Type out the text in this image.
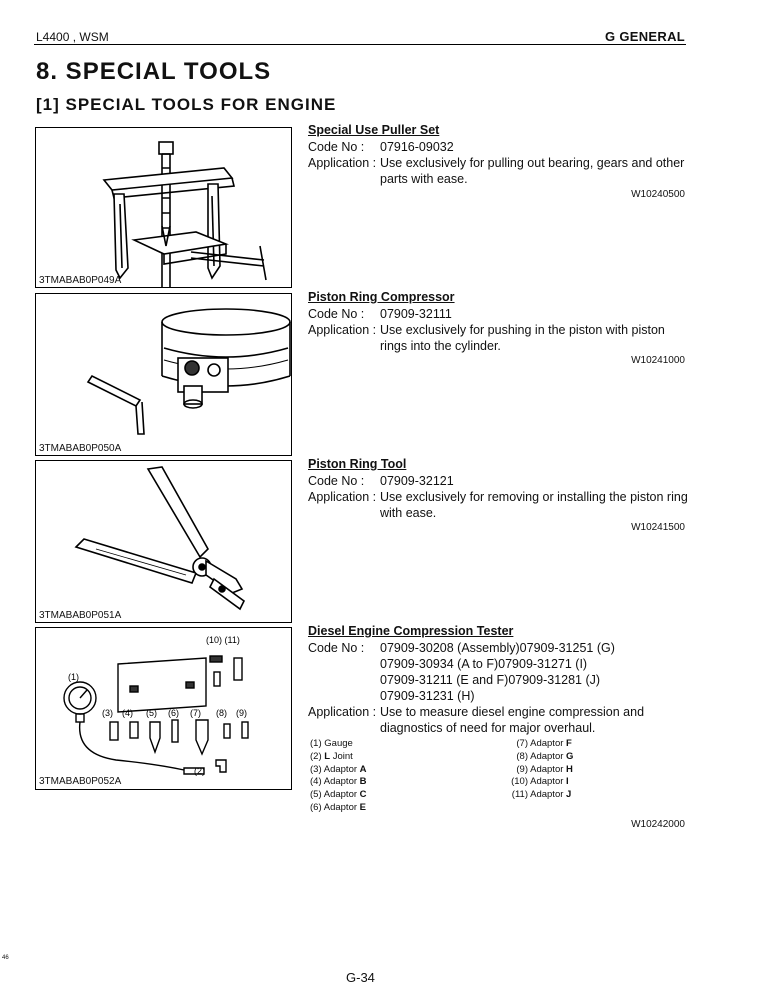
L4400 , WSM	G GENERAL
8. SPECIAL TOOLS
[1] SPECIAL TOOLS FOR ENGINE
3TMABAB0P049A
Special Use Puller Set
Code No : 07916-09032
Application : Use exclusively for pulling out bearing, gears and other
parts with ease.
W10240500
3TMABAB0P050A
Piston Ring Compressor
Code No : 07909-32111
Application : Use exclusively for pushing in the piston with piston
rings into the cylinder.
W10241000
3TMABAB0P051A
Piston Ring Tool
Code No : 07909-32121
Application : Use exclusively for removing or installing the piston ring
with ease.
W10241500
(10) (11)
(1)
(3) (4) (5) (6) (7) (8) (9)
(2)
3TMABAB0P052A
Diesel Engine Compression Tester
Code No : 07909-30208 (Assembly)07909-31251 (G)
07909-30934 (A to F)07909-31271 (I)
07909-31211 (E and F)07909-31281 (J)
07909-31231 (H)
Application : Use to measure diesel engine compression and
diagnostics of need for major overhaul.
(1) Gauge
(2) L Joint
(3) Adaptor A
(4) Adaptor B
(5) Adaptor C
(6) Adaptor E
(7) Adaptor F
(8) Adaptor G
(9) Adaptor H
(10) Adaptor I
(11) Adaptor J
W10242000
46
G-34
